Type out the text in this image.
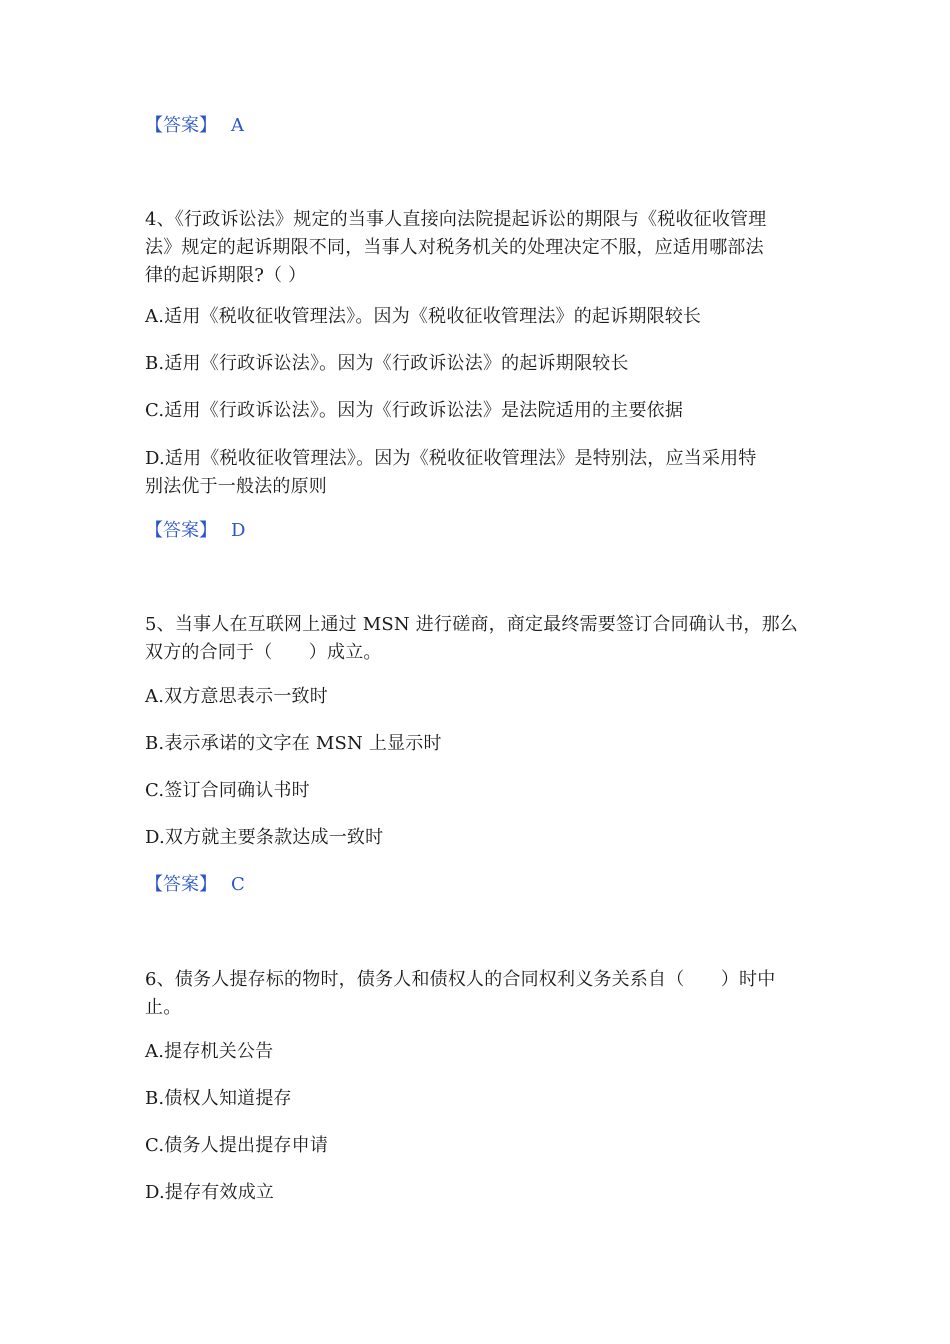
【答案】 A
4、《行政诉讼法》规定的当事人直接向法院提起诉讼的期限与《税收征收管理
法》规定的起诉期限不同，当事人对税务机关的处理决定不服，应适用哪部法
律的起诉期限?（ ）
A.适用《税收征收管理法》。因为《税收征收管理法》的起诉期限较长
B.适用《行政诉讼法》。因为《行政诉讼法》的起诉期限较长
C.适用《行政诉讼法》。因为《行政诉讼法》是法院适用的主要依据
D.适用《税收征收管理法》。因为《税收征收管理法》是特别法，应当采用特
别法优于一般法的原则
【答案】 D
5、当事人在互联网上通过 MSN 进行磋商，商定最终需要签订合同确认书，那么
双方的合同于（　　）成立。
A.双方意思表示一致时
B.表示承诺的文字在 MSN 上显示时
C.签订合同确认书时
D.双方就主要条款达成一致时
【答案】 C
6、债务人提存标的物时，债务人和债权人的合同权利义务关系自（　　）时中
止。
A.提存机关公告
B.债权人知道提存
C.债务人提出提存申请
D.提存有效成立
